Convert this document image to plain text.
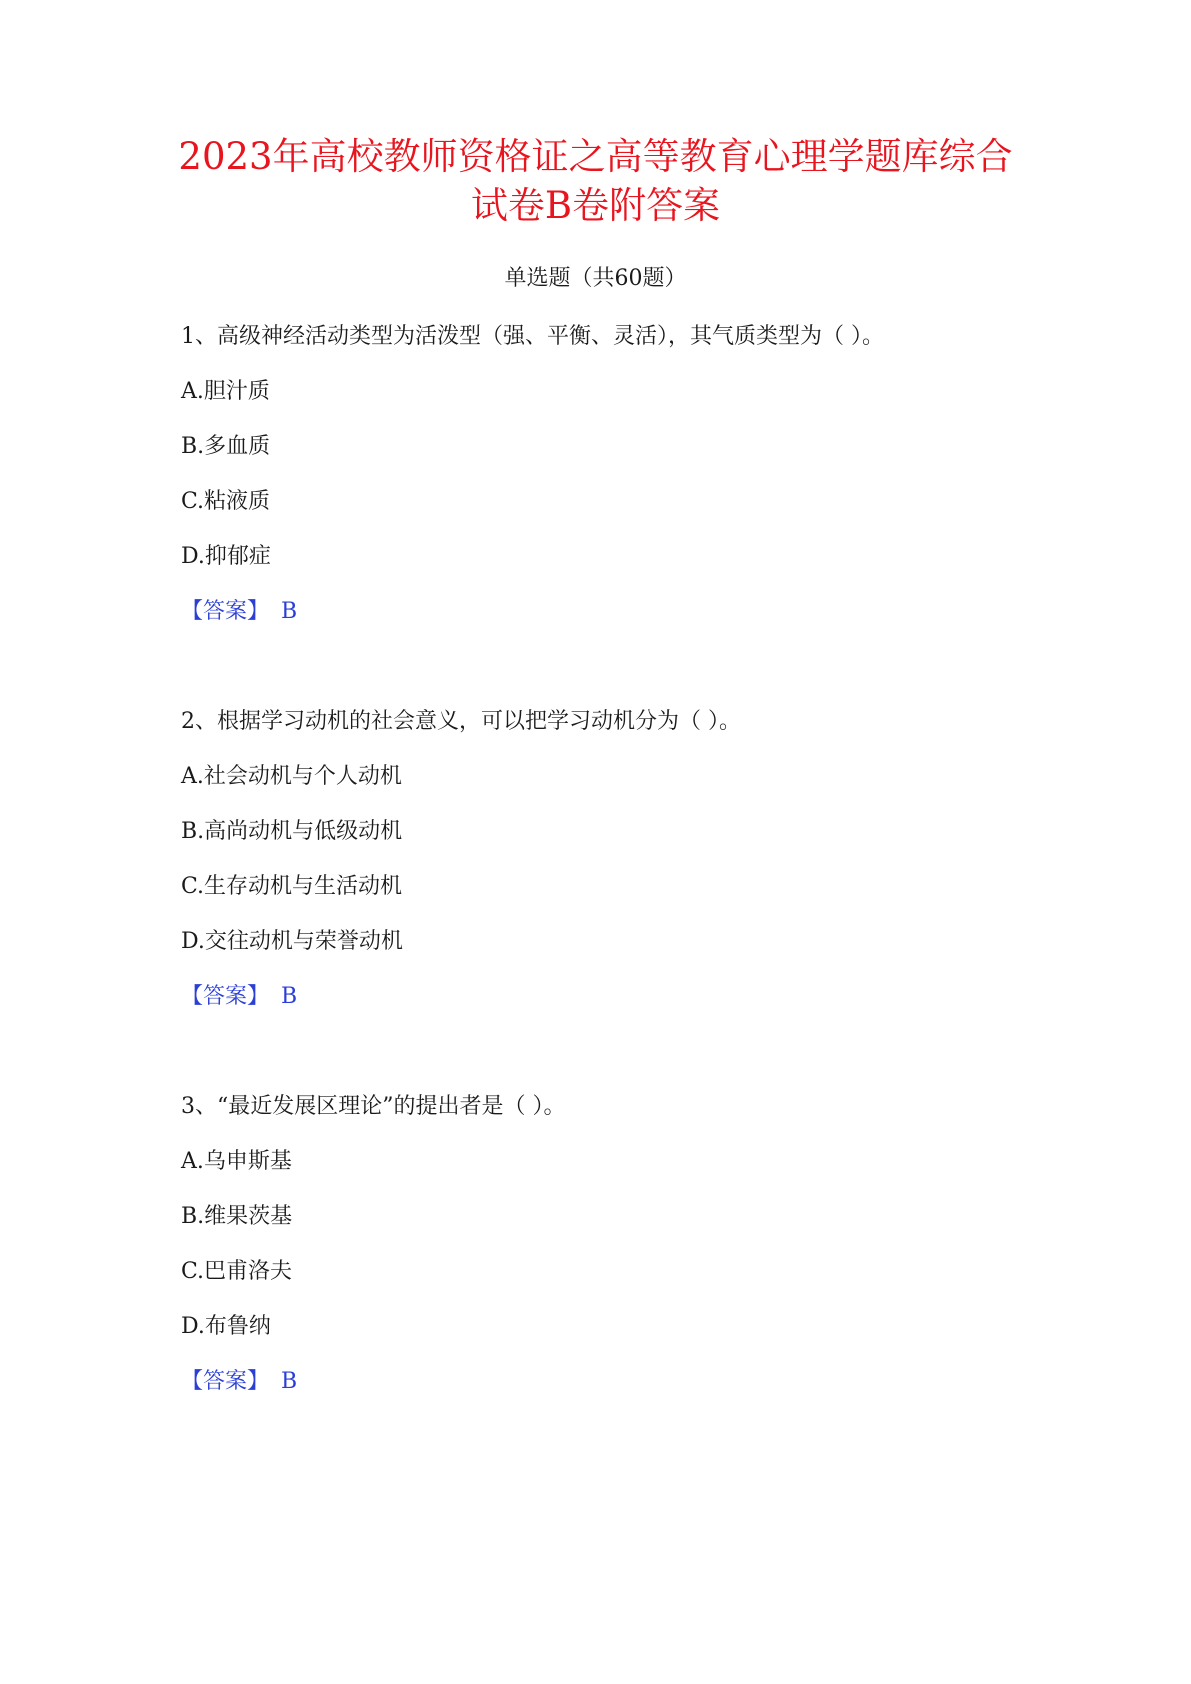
2023年高校教师资格证之高等教育心理学题库综合
试卷B卷附答案
单选题（共60题）
1、高级神经活动类型为活泼型（强、平衡、灵活），其气质类型为（ ）。
A.胆汁质
B.多血质
C.粘液质
D.抑郁症
【答案】 B
2、根据学习动机的社会意义，可以把学习动机分为（ ）。
A.社会动机与个人动机
B.高尚动机与低级动机
C.生存动机与生活动机
D.交往动机与荣誉动机
【答案】 B
3、“最近发展区理论”的提出者是（ ）。
A.乌申斯基
B.维果茨基
C.巴甫洛夫
D.布鲁纳
【答案】 B
